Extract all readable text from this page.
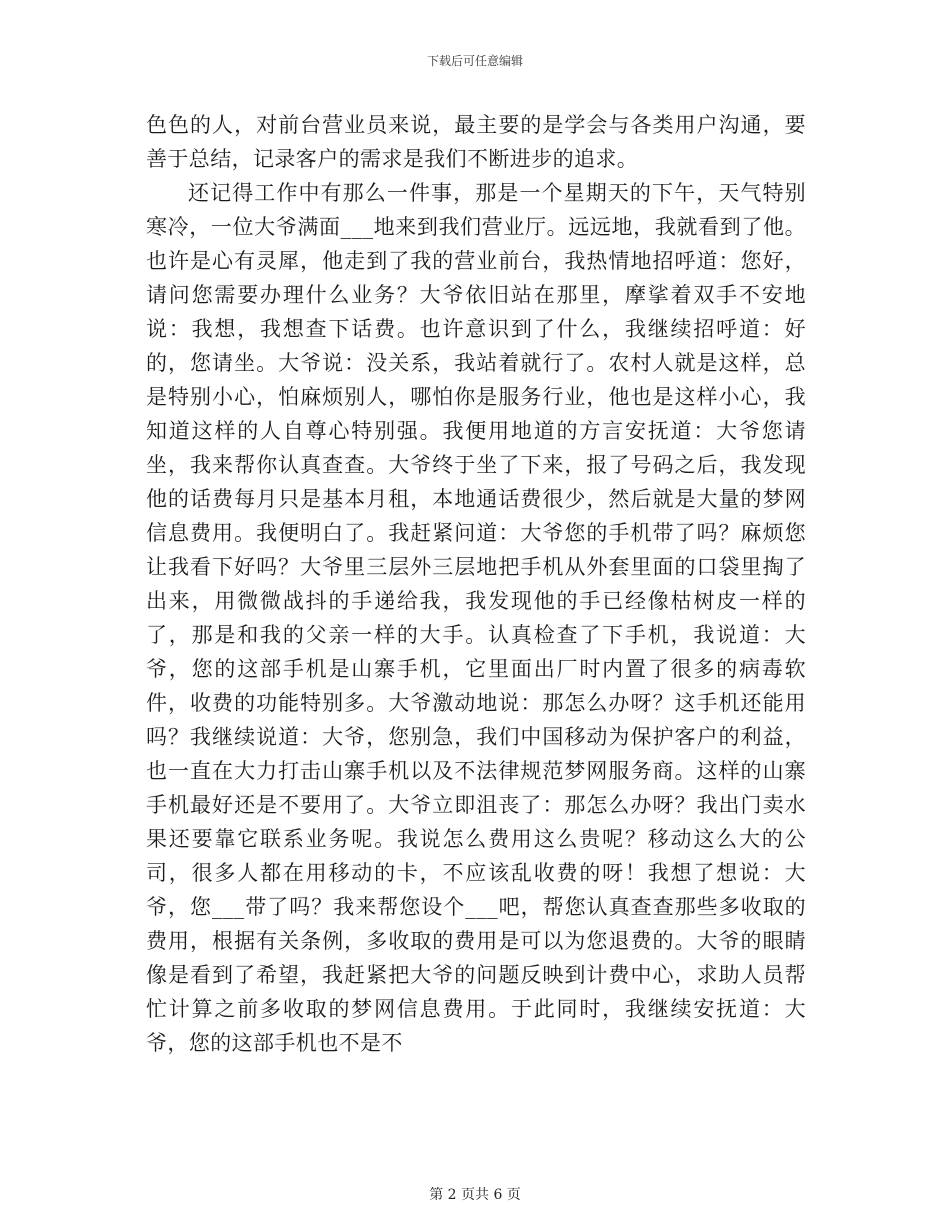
下载后可任意编辑

色色的人，对前台营业员来说，最主要的是学会与各类用户沟通，要善于总结，记录客户的需求是我们不断进步的追求。

还记得工作中有那么一件事，那是一个星期天的下午，天气特别寒冷，一位大爷满面___地来到我们营业厅。远远地，我就看到了他。也许是心有灵犀，他走到了我的营业前台，我热情地招呼道：您好，请问您需要办理什么业务？大爷依旧站在那里，摩挲着双手不安地说：我想，我想查下话费。也许意识到了什么，我继续招呼道：好的，您请坐。大爷说：没关系，我站着就行了。农村人就是这样，总是特别小心，怕麻烦别人，哪怕你是服务行业，他也是这样小心，我知道这样的人自尊心特别强。我便用地道的方言安抚道：大爷您请坐，我来帮你认真查查。大爷终于坐了下来，报了号码之后，我发现他的话费每月只是基本月租，本地通话费很少，然后就是大量的梦网信息费用。我便明白了。我赶紧问道：大爷您的手机带了吗？麻烦您让我看下好吗？大爷里三层外三层地把手机从外套里面的口袋里掏了出来，用微微战抖的手递给我，我发现他的手已经像枯树皮一样的了，那是和我的父亲一样的大手。认真检查了下手机，我说道：大爷，您的这部手机是山寨手机，它里面出厂时内置了很多的病毒软件，收费的功能特别多。大爷激动地说：那怎么办呀？这手机还能用吗？我继续说道：大爷，您别急，我们中国移动为保护客户的利益，也一直在大力打击山寨手机以及不法律规范梦网服务商。这样的山寨手机最好还是不要用了。大爷立即沮丧了：那怎么办呀？我出门卖水果还要靠它联系业务呢。我说怎么费用这么贵呢？移动这么大的公司，很多人都在用移动的卡，不应该乱收费的呀！我想了想说：大爷，您___带了吗？我来帮您设个___吧，帮您认真查查那些多收取的费用，根据有关条例，多收取的费用是可以为您退费的。大爷的眼睛像是看到了希望，我赶紧把大爷的问题反映到计费中心，求助人员帮忙计算之前多收取的梦网信息费用。于此同时，我继续安抚道：大爷，您的这部手机也不是不

第 2 页共 6 页
